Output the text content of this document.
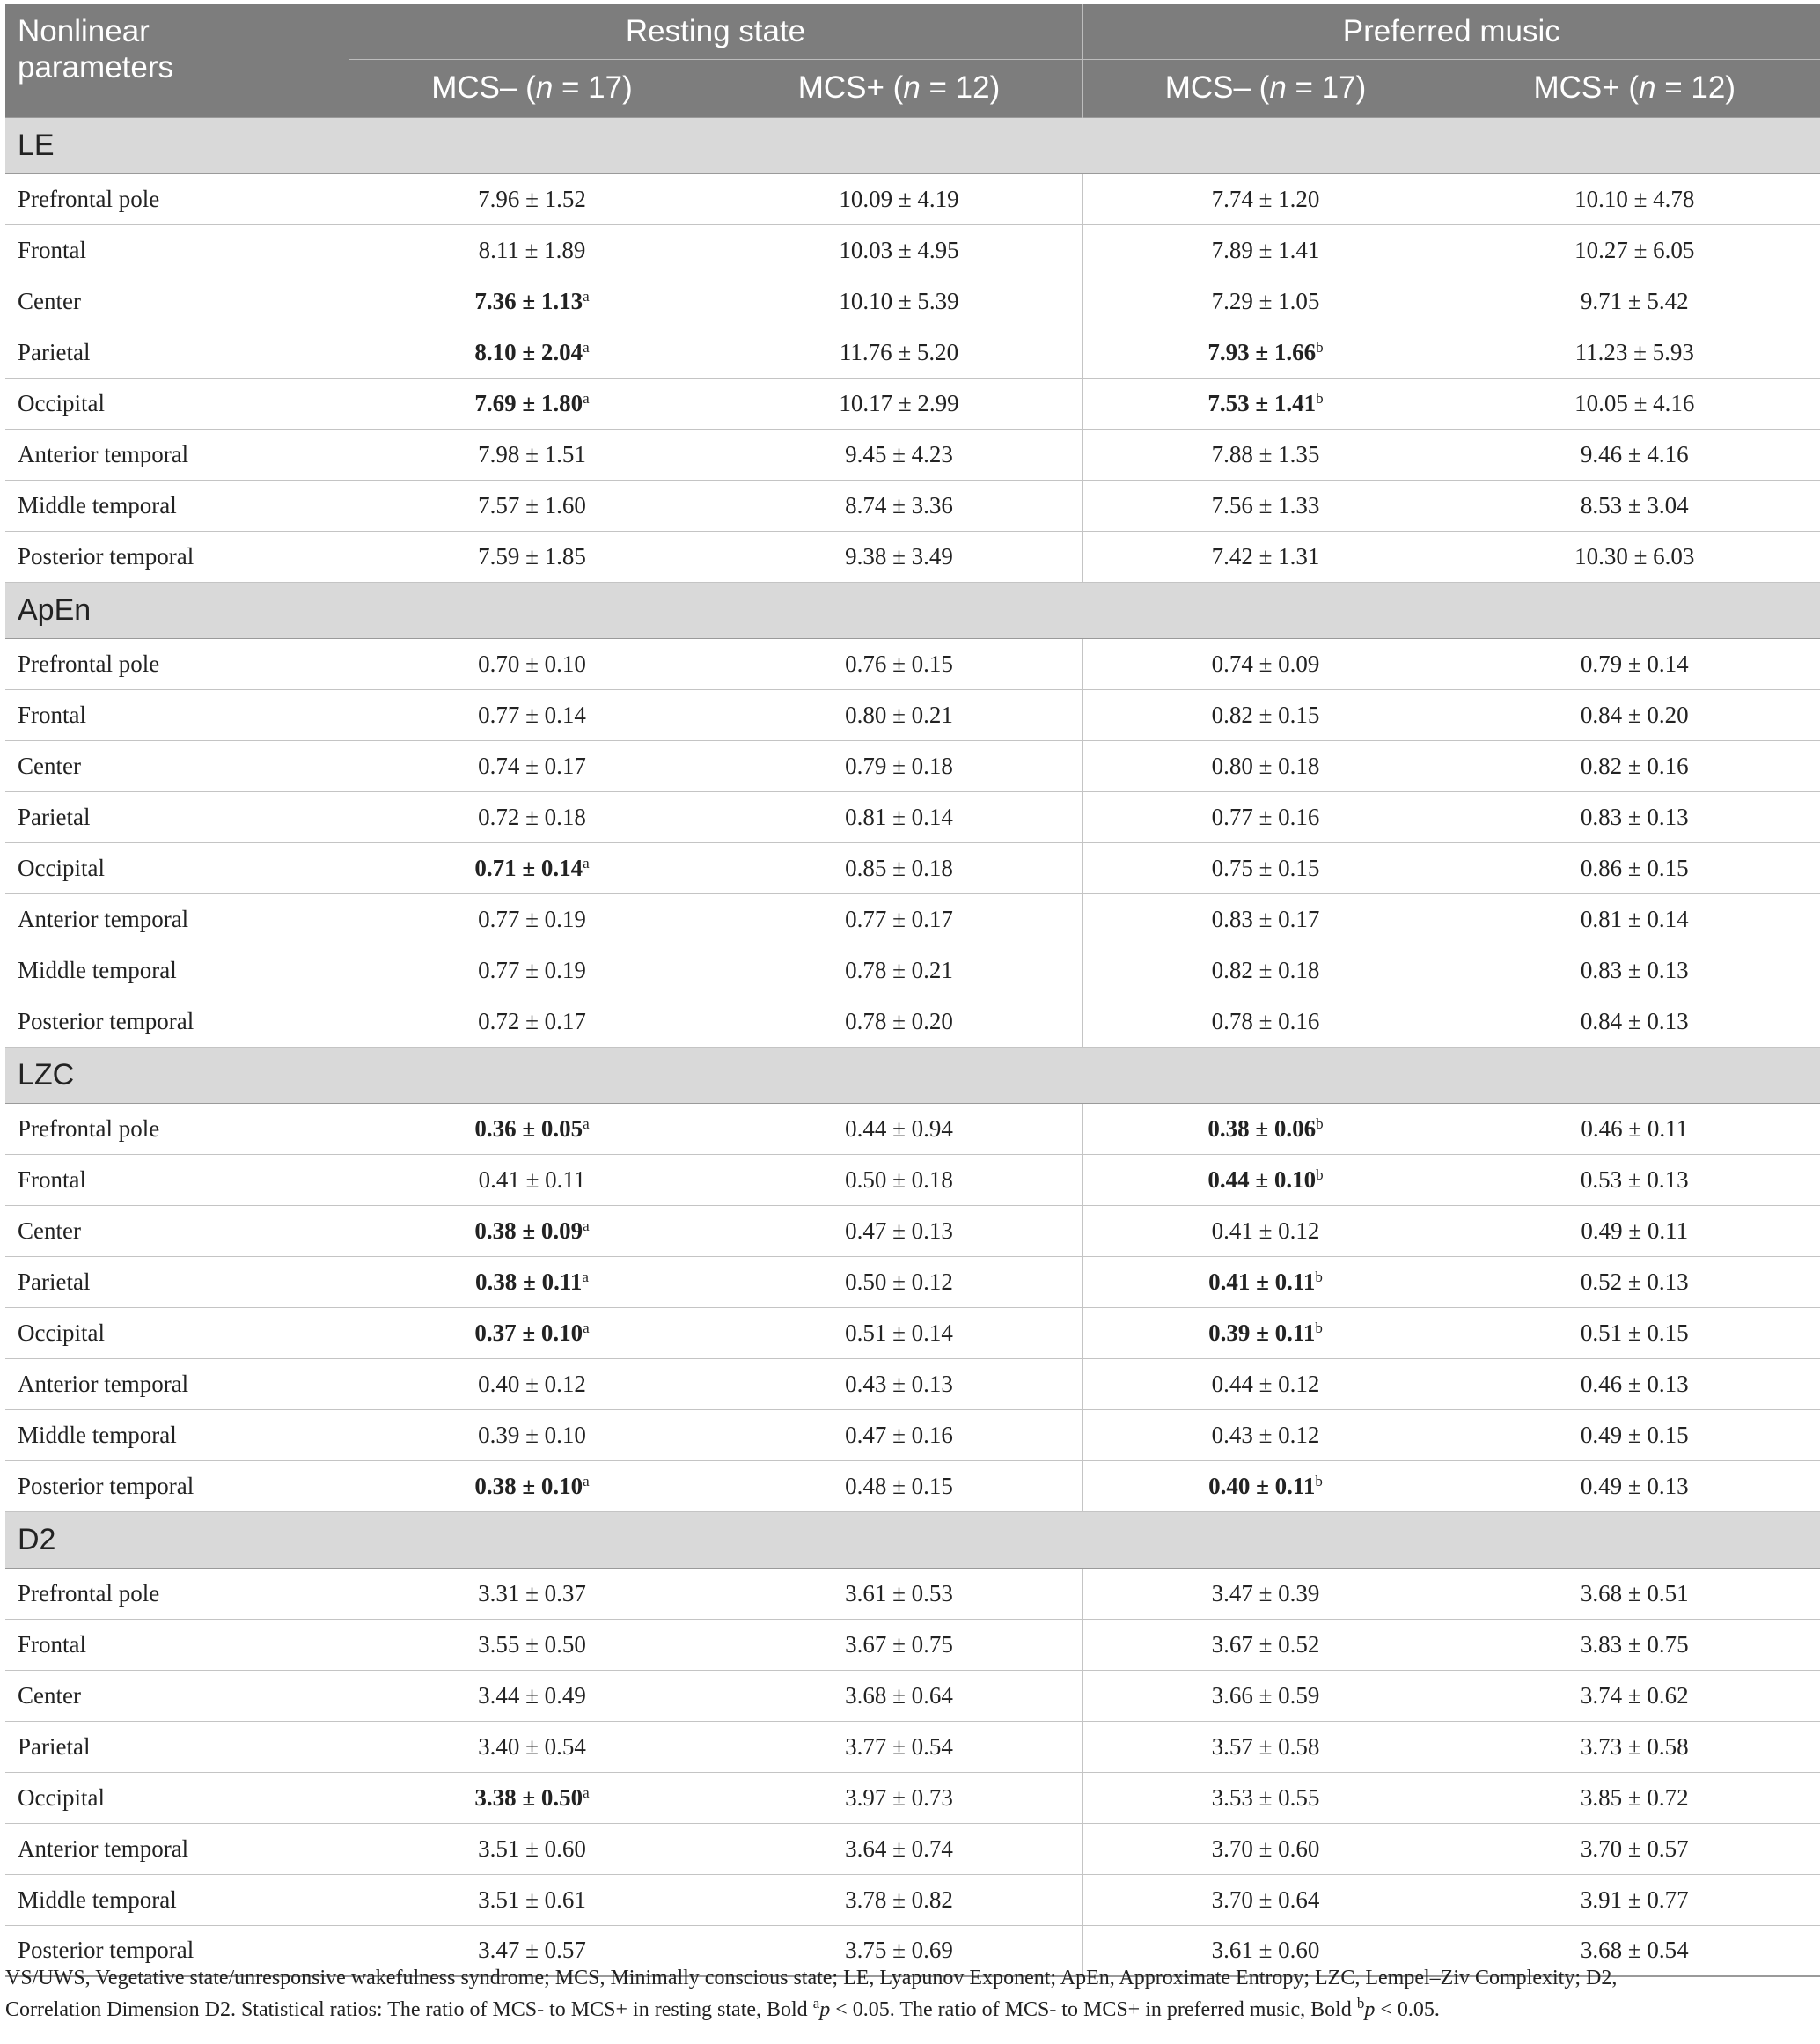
Nonlinear
parameters	Resting state		Preferred music	
	MCS– (n = 17)	MCS+ (n = 12)	MCS– (n = 17)	MCS+ (n = 12)
LE				
Prefrontal pole	7.96 ± 1.52	10.09 ± 4.19	7.74 ± 1.20	10.10 ± 4.78
Frontal	8.11 ± 1.89	10.03 ± 4.95	7.89 ± 1.41	10.27 ± 6.05
Center	7.36 ± 1.13$^a$	10.10 ± 5.39	7.29 ± 1.05	9.71 ± 5.42
Parietal	8.10 ± 2.04$^a$	11.76 ± 5.20	7.93 ± 1.66$^b$	11.23 ± 5.93
Occipital	7.69 ± 1.80$^a$	10.17 ± 2.99	7.53 ± 1.41$^b$	10.05 ± 4.16
Anterior temporal	7.98 ± 1.51	9.45 ± 4.23	7.88 ± 1.35	9.46 ± 4.16
Middle temporal	7.57 ± 1.60	8.74 ± 3.36	7.56 ± 1.33	8.53 ± 3.04
Posterior temporal	7.59 ± 1.85	9.38 ± 3.49	7.42 ± 1.31	10.30 ± 6.03
ApEn				
Prefrontal pole	0.70 ± 0.10	0.76 ± 0.15	0.74 ± 0.09	0.79 ± 0.14
Frontal	0.77 ± 0.14	0.80 ± 0.21	0.82 ± 0.15	0.84 ± 0.20
Center	0.74 ± 0.17	0.79 ± 0.18	0.80 ± 0.18	0.82 ± 0.16
Parietal	0.72 ± 0.18	0.81 ± 0.14	0.77 ± 0.16	0.83 ± 0.13
Occipital	0.71 ± 0.14$^a$	0.85 ± 0.18	0.75 ± 0.15	0.86 ± 0.15
Anterior temporal	0.77 ± 0.19	0.77 ± 0.17	0.83 ± 0.17	0.81 ± 0.14
Middle temporal	0.77 ± 0.19	0.78 ± 0.21	0.82 ± 0.18	0.83 ± 0.13
Posterior temporal	0.72 ± 0.17	0.78 ± 0.20	0.78 ± 0.16	0.84 ± 0.13
LZC				
Prefrontal pole	0.36 ± 0.05$^a$	0.44 ± 0.94	0.38 ± 0.06$^b$	0.46 ± 0.11
Frontal	0.41 ± 0.11	0.50 ± 0.18	0.44 ± 0.10$^b$	0.53 ± 0.13
Center	0.38 ± 0.09$^a$	0.47 ± 0.13	0.41 ± 0.12	0.49 ± 0.11
Parietal	0.38 ± 0.11$^a$	0.50 ± 0.12	0.41 ± 0.11$^b$	0.52 ± 0.13
Occipital	0.37 ± 0.10$^a$	0.51 ± 0.14	0.39 ± 0.11$^b$	0.51 ± 0.15
Anterior temporal	0.40 ± 0.12	0.43 ± 0.13	0.44 ± 0.12	0.46 ± 0.13
Middle temporal	0.39 ± 0.10	0.47 ± 0.16	0.43 ± 0.12	0.49 ± 0.15
Posterior temporal	0.38 ± 0.10$^a$	0.48 ± 0.15	0.40 ± 0.11$^b$	0.49 ± 0.13
D2				
Prefrontal pole	3.31 ± 0.37	3.61 ± 0.53	3.47 ± 0.39	3.68 ± 0.51
Frontal	3.55 ± 0.50	3.67 ± 0.75	3.67 ± 0.52	3.83 ± 0.75
Center	3.44 ± 0.49	3.68 ± 0.64	3.66 ± 0.59	3.74 ± 0.62
Parietal	3.40 ± 0.54	3.77 ± 0.54	3.57 ± 0.58	3.73 ± 0.58
Occipital	3.38 ± 0.50$^a$	3.97 ± 0.73	3.53 ± 0.55	3.85 ± 0.72
Anterior temporal	3.51 ± 0.60	3.64 ± 0.74	3.70 ± 0.60	3.70 ± 0.57
Middle temporal	3.51 ± 0.61	3.78 ± 0.82	3.70 ± 0.64	3.91 ± 0.77
Posterior temporal	3.47 ± 0.57	3.75 ± 0.69	3.61 ± 0.60	3.68 ± 0.54
VS/UWS, Vegetative state/unresponsive wakefulness syndrome; MCS, Minimally conscious state; LE, Lyapunov Exponent; ApEn, Approximate Entropy; LZC, Lempel–Ziv Complexity; D2,
Correlation Dimension D2. Statistical ratios: The ratio of MCS- to MCS+ in resting state, Bold $^a$p < 0.05. The ratio of MCS- to MCS+ in preferred music, Bold $^b$p < 0.05.
